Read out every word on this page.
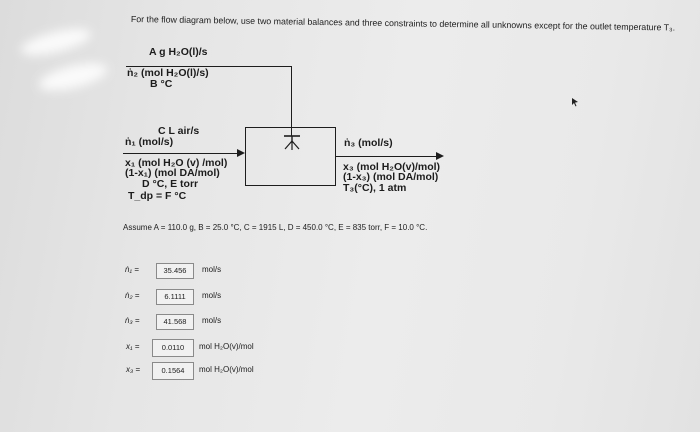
For the flow diagram below, use two material balances and three constraints to determine all unknowns except for the outlet temperature T₃.
A g H₂O(l)/s
ṅ₂ (mol H₂O(l)/s)
B °C
C L air/s
ṅ₁ (mol/s)
x₁ (mol H₂O (v) /mol)
(1-x₁) (mol DA/mol)
D °C, E torr
T_dp = F °C
ṅ₃ (mol/s)
x₃ (mol H₂O(v)/mol)
(1-x₃) (mol DA/mol)
T₃(°C), 1 atm
Assume A = 110.0 g, B = 25.0 °C, C = 1915 L, D = 450.0 °C, E = 835 torr, F = 10.0 °C.
ṅ₁ =	35.456	mol/s
ṅ₂ =	6.1111	mol/s
ṅ₃ =	41.568	mol/s
x₁ =	0.0110	mol H₂O(v)/mol
x₃ =	0.1564	mol H₂O(v)/mol
